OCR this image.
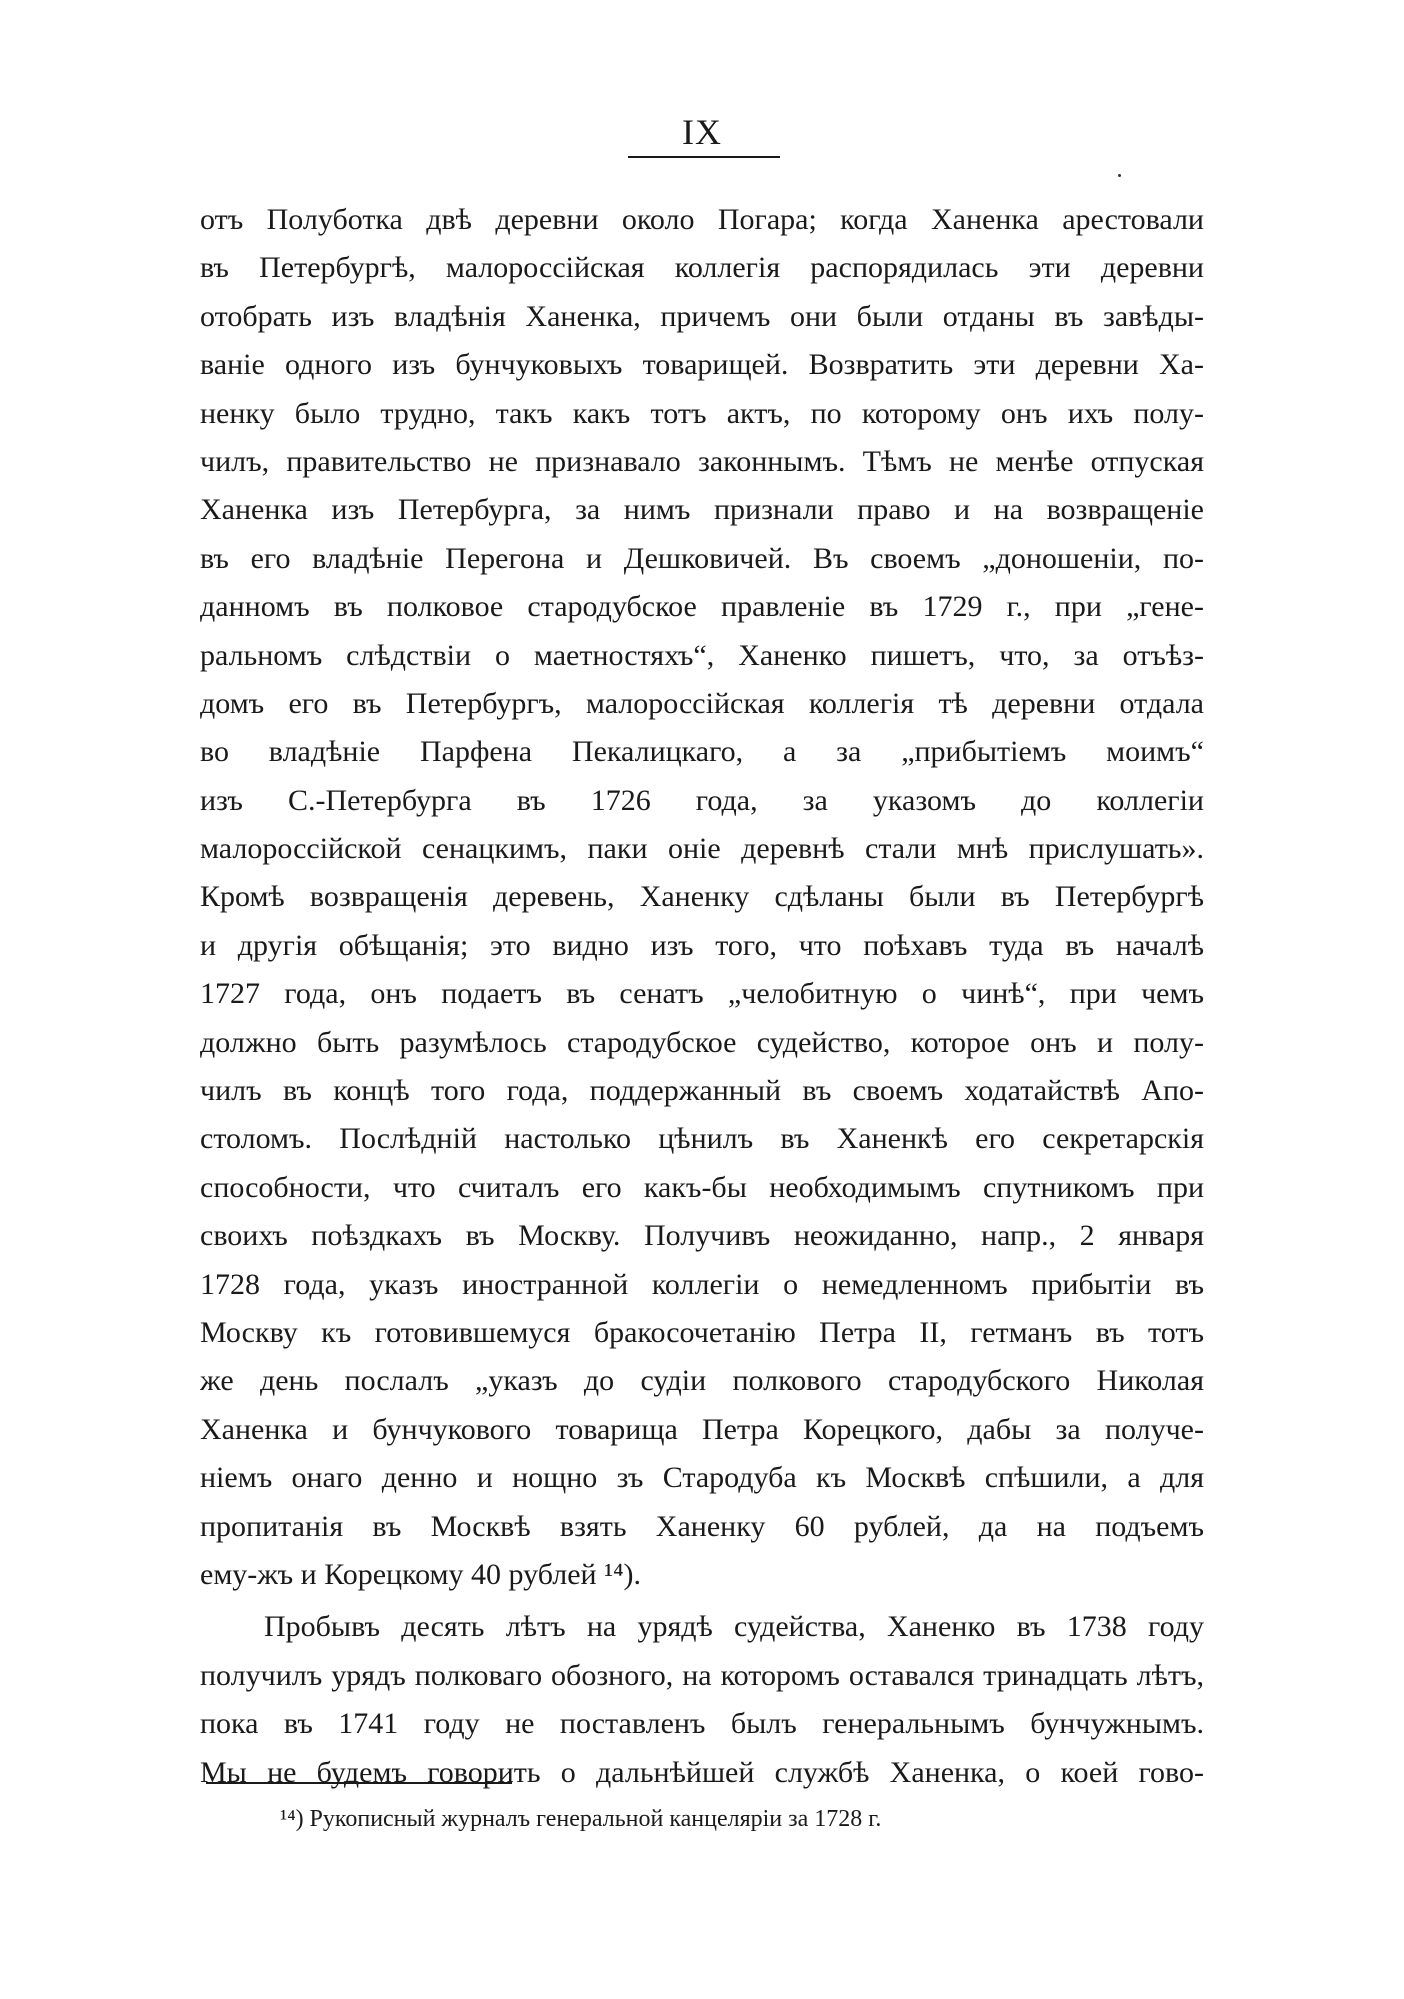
IX
отъ Полуботка двѣ деревни около Погара; когда Ханенка арестовали
въ Петербургѣ, малороссійская коллегія распорядилась эти деревни
отобрать изъ владѣнія Ханенка, причемъ они были отданы въ завѣды-
ваніе одного изъ бунчуковыхъ товарищей. Возвратить эти деревни Ха-
ненку было трудно, такъ какъ тотъ актъ, по которому онъ ихъ полу-
чилъ, правительство не признавало законнымъ. Тѣмъ не менѣе отпуская
Ханенка изъ Петербурга, за нимъ признали право и на возвращеніе
въ его владѣніе Перегона и Дешковичей. Въ своемъ „доношеніи, по-
данномъ въ полковое стародубское правленіе въ 1729 г., при „гене-
ральномъ слѣдствіи о маетностяхъ“, Ханенко пишетъ, что, за отъѣз-
домъ его въ Петербургъ, малороссійская коллегія тѣ деревни отдала
во владѣніе Парфена Пекалицкаго, а за „прибытіемъ моимъ“
изъ С.-Петербурга въ 1726 года, за указомъ до коллегіи
малороссійской сенацкимъ, паки оніе деревнѣ стали мнѣ прислушать».
Кромѣ возвращенія деревень, Ханенку сдѣланы были въ Петербургѣ
и другія обѣщанія; это видно изъ того, что поѣхавъ туда въ началѣ
1727 года, онъ подаетъ въ сенатъ „челобитную о чинѣ“, при чемъ
должно быть разумѣлось стародубское судейство, которое онъ и полу-
чилъ въ концѣ того года, поддержанный въ своемъ ходатайствѣ Апо-
столомъ. Послѣдній настолько цѣнилъ въ Ханенкѣ его секретарскія
способности, что считалъ его какъ-бы необходимымъ спутникомъ при
своихъ поѣздкахъ въ Москву. Получивъ неожиданно, напр., 2 января
1728 года, указъ иностранной коллегіи о немедленномъ прибытіи въ
Москву къ готовившемуся бракосочетанію Петра II, гетманъ въ тотъ
же день послалъ „указъ до судіи полкового стародубского Николая
Ханенка и бунчукового товарища Петра Корецкого, дабы за получе-
ніемъ онаго денно и нощно зъ Стародуба къ Москвѣ спѣшили, а для
пропитанія въ Москвѣ взять Ханенку 60 рублей, да на подъемъ
ему-жъ и Корецкому 40 рублей ¹⁴).
Пробывъ десять лѣтъ на урядѣ судейства, Ханенко въ 1738 году
получилъ урядъ полковаго обозного, на которомъ оставался тринадцать лѣтъ,
пока въ 1741 году не поставленъ былъ генеральнымъ бунчужнымъ.
Мы не будемъ говорить о дальнѣйшей службѣ Ханенка, о коей гово-
¹⁴) Рукописный журналъ генеральной канцеляріи за 1728 г.
